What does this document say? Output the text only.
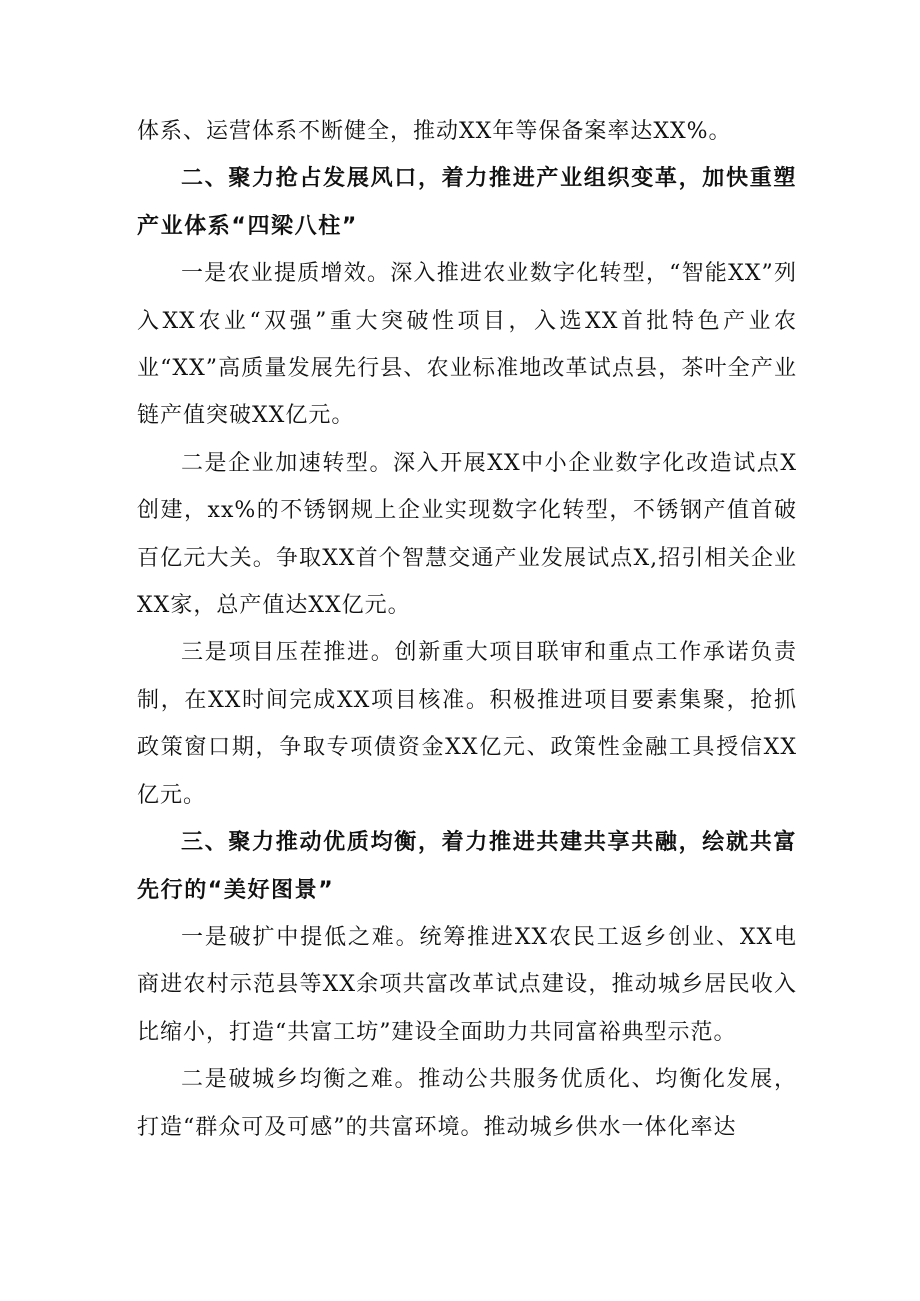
体系、运营体系不断健全，推动XX年等保备案率达XX%。

二、聚力抢占发展风口，着力推进产业组织变革，加快重塑产业体系“四梁八柱”

一是农业提质增效。深入推进农业数字化转型，“智能XX”列入XX农业“双强”重大突破性项目，入选XX首批特色产业农业“XX”高质量发展先行县、农业标准地改革试点县，茶叶全产业链产值突破XX亿元。

二是企业加速转型。深入开展XX中小企业数字化改造试点X创建，xx%的不锈钢规上企业实现数字化转型，不锈钢产值首破百亿元大关。争取XX首个智慧交通产业发展试点X,招引相关企业XX家，总产值达XX亿元。

三是项目压茬推进。创新重大项目联审和重点工作承诺负责制，在XX时间完成XX项目核准。积极推进项目要素集聚，抢抓政策窗口期，争取专项债资金XX亿元、政策性金融工具授信XX亿元。

三、聚力推动优质均衡，着力推进共建共享共融，绘就共富先行的“美好图景”

一是破扩中提低之难。统筹推进XX农民工返乡创业、XX电商进农村示范县等XX余项共富改革试点建设，推动城乡居民收入比缩小，打造“共富工坊”建设全面助力共同富裕典型示范。

二是破城乡均衡之难。推动公共服务优质化、均衡化发展，打造“群众可及可感”的共富环境。推动城乡供水一体化率达
